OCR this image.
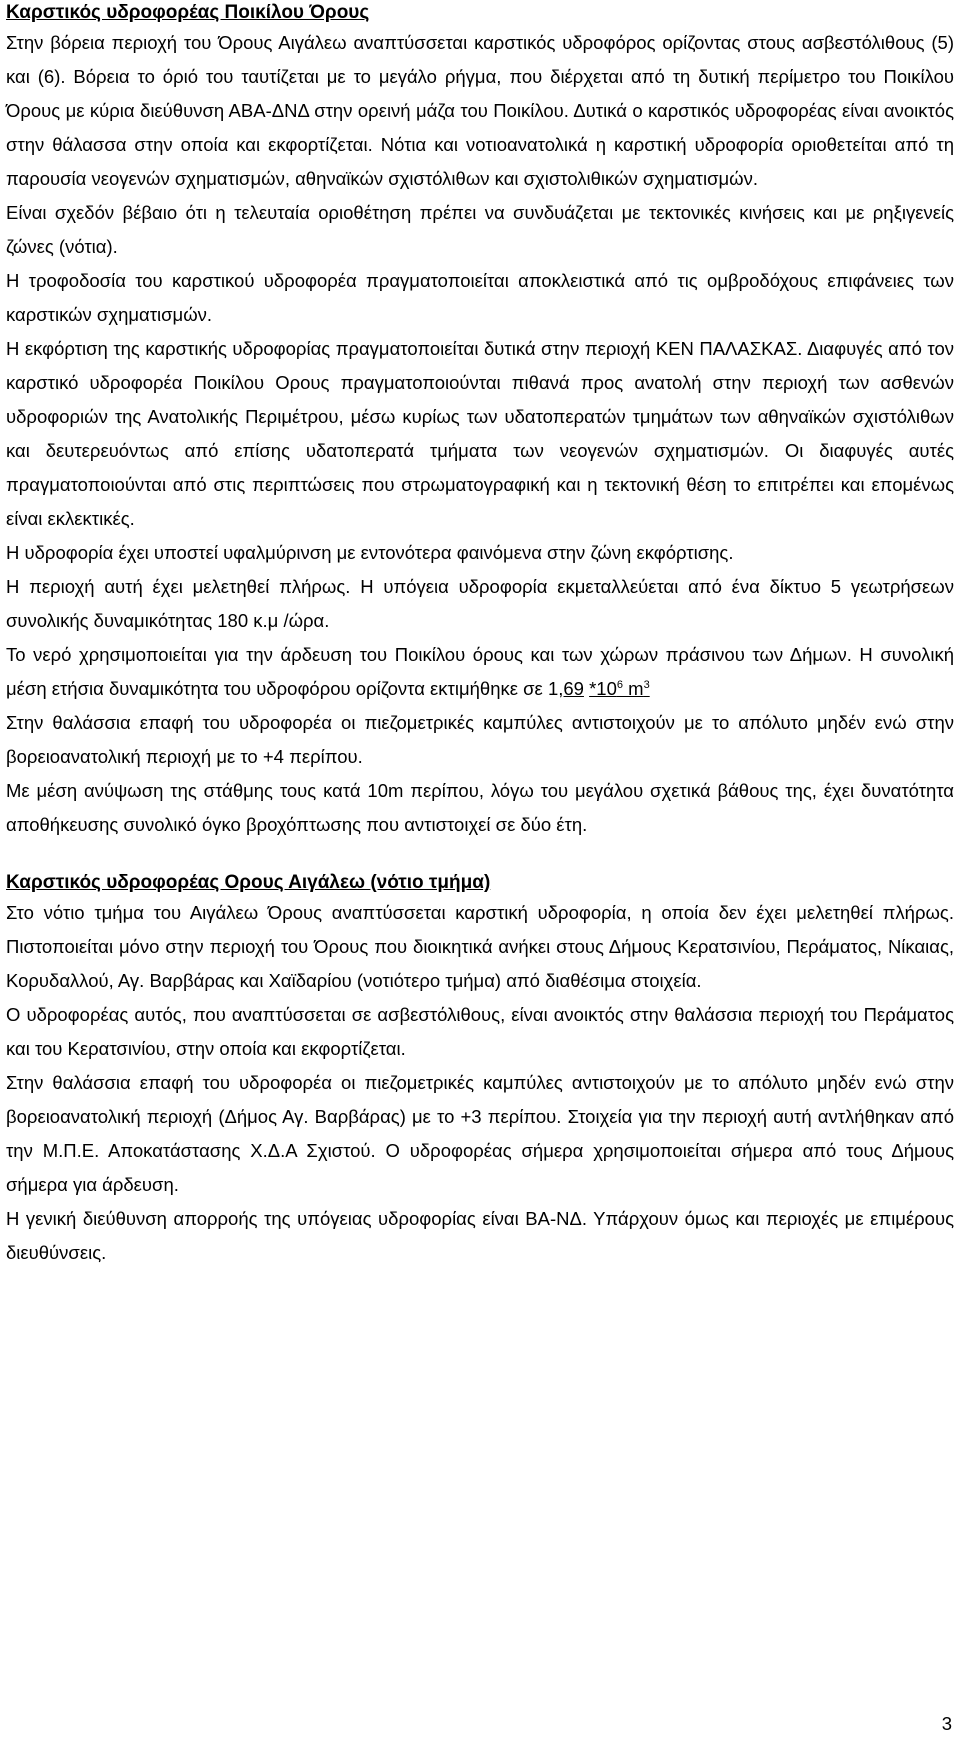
Καρστικός υδροφορέας Ποικίλου Όρους

Στην βόρεια περιοχή του Όρους Αιγάλεω αναπτύσσεται καρστικός υδροφόρος ορίζοντας στους ασβεστόλιθους (5) και (6). Βόρεια το όριό του ταυτίζεται με το μεγάλο ρήγμα, που διέρχεται από τη δυτική περίμετρο του Ποικίλου Όρους με κύρια διεύθυνση ΑΒΑ-ΔΝΔ στην ορεινή μάζα του Ποικίλου. Δυτικά ο καρστικός υδροφορέας είναι ανοικτός στην θάλασσα στην οποία και εκφορτίζεται. Νότια και νοτιοανατολικά η καρστική υδροφορία οριοθετείται από τη παρουσία νεογενών σχηματισμών, αθηναϊκών σχιστόλιθων και σχιστολιθικών σχηματισμών.

Είναι σχεδόν βέβαιο ότι η τελευταία οριοθέτηση πρέπει να συνδυάζεται με τεκτονικές κινήσεις και με ρηξιγενείς ζώνες (νότια).

Η τροφοδοσία του καρστικού υδροφορέα πραγματοποιείται αποκλειστικά από τις ομβροδόχους επιφάνειες των καρστικών σχηματισμών.

Η εκφόρτιση της καρστικής υδροφορίας πραγματοποιείται δυτικά στην περιοχή ΚΕΝ ΠΑΛΑΣΚΑΣ. Διαφυγές από τον καρστικό υδροφορέα Ποικίλου Ορους πραγματοποιούνται πιθανά προς ανατολή στην περιοχή των ασθενών υδροφοριών της Ανατολικής Περιμέτρου, μέσω κυρίως των υδατοπερατών τμημάτων των αθηναϊκών σχιστόλιθων και δευτερευόντως από επίσης υδατοπερατά τμήματα των νεογενών σχηματισμών. Οι διαφυγές αυτές πραγματοποιούνται από στις περιπτώσεις που στρωματογραφική και η τεκτονική θέση το επιτρέπει και επομένως είναι εκλεκτικές.

Η υδροφορία έχει υποστεί υφαλμύρινση με εντονότερα φαινόμενα στην ζώνη εκφόρτισης.

Η περιοχή αυτή έχει μελετηθεί πλήρως. Η υπόγεια υδροφορία εκμεταλλεύεται από ένα δίκτυο 5 γεωτρήσεων συνολικής δυναμικότητας 180 κ.μ /ώρα.

Το νερό χρησιμοποιείται για την άρδευση του Ποικίλου όρους και των χώρων πράσινου των Δήμων. Η συνολική μέση ετήσια δυναμικότητα του υδροφόρου ορίζοντα εκτιμήθηκε σε 1,69 $*10^6$ $m^3$

Στην θαλάσσια επαφή του υδροφορέα οι πιεζομετρικές καμπύλες αντιστοιχούν με το απόλυτο μηδέν ενώ στην βορειοανατολική περιοχή με το +4 περίπου.

Με μέση ανύψωση της στάθμης τους κατά 10m περίπου, λόγω του μεγάλου σχετικά βάθους της, έχει δυνατότητα αποθήκευσης συνολικό όγκο βροχόπτωσης που αντιστοιχεί σε δύο έτη.

Καρστικός υδροφορέας Ορους Αιγάλεω (νότιο τμήμα)

Στο νότιο τμήμα του Αιγάλεω Όρους αναπτύσσεται καρστική υδροφορία, η οποία δεν έχει μελετηθεί πλήρως. Πιστοποιείται μόνο στην περιοχή του Όρους που διοικητικά ανήκει στους Δήμους Κερατσινίου, Περάματος, Νίκαιας, Κορυδαλλού, Αγ. Βαρβάρας και Χαϊδαρίου (νοτιότερο τμήμα) από διαθέσιμα στοιχεία.

Ο υδροφορέας αυτός, που αναπτύσσεται σε ασβεστόλιθους, είναι ανοικτός στην θαλάσσια περιοχή του Περάματος και του Κερατσινίου, στην οποία και εκφορτίζεται.

Στην θαλάσσια επαφή του υδροφορέα οι πιεζομετρικές καμπύλες αντιστοιχούν με το απόλυτο μηδέν ενώ στην βορειοανατολική περιοχή (Δήμος Αγ. Βαρβάρας) με το +3 περίπου. Στοιχεία για την περιοχή αυτή αντλήθηκαν από την Μ.Π.Ε. Αποκατάστασης Χ.Δ.Α Σχιστού. Ο υδροφορέας σήμερα χρησιμοποιείται σήμερα από τους Δήμους σήμερα για άρδευση.

Η γενική διεύθυνση απορροής της υπόγειας υδροφορίας είναι ΒΑ-ΝΔ. Υπάρχουν όμως και περιοχές με επιμέρους διευθύνσεις.

3
